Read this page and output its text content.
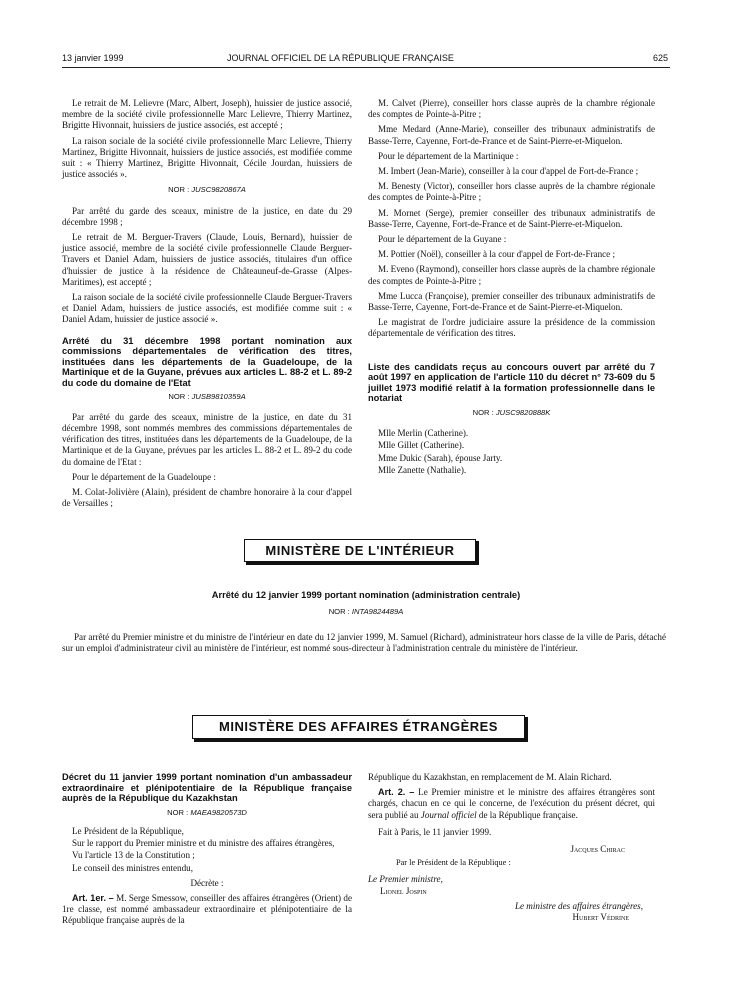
13 janvier 1999	JOURNAL OFFICIEL DE LA RÉPUBLIQUE FRANÇAISE	625

Le retrait de M. Lelievre (Marc, Albert, Joseph), huissier de justice associé, membre de la société civile professionnelle Marc Lelievre, Thierry Martinez, Brigitte Hivonnait, huissiers de justice associés, est accepté ;

La raison sociale de la société civile professionnelle Marc Lelievre, Thierry Martinez, Brigitte Hivonnait, huissiers de justice associés, est modifiée comme suit : « Thierry Martinez, Brigitte Hivonnait, Cécile Jourdan, huissiers de justice associés ».

NOR : JUSC9820867A

Par arrêté du garde des sceaux, ministre de la justice, en date du 29 décembre 1998 ;

Le retrait de M. Berguer-Travers (Claude, Louis, Bernard), huissier de justice associé, membre de la société civile professionnelle Claude Berguer-Travers et Daniel Adam, huissiers de justice associés, titulaires d'un office d'huissier de justice à la résidence de Châteauneuf-de-Grasse (Alpes-Maritimes), est accepté ;

La raison sociale de la société civile professionnelle Claude Berguer-Travers et Daniel Adam, huissiers de justice associés, est modifiée comme suit : « Daniel Adam, huissier de justice associé ».

Arrêté du 31 décembre 1998 portant nomination aux commissions départementales de vérification des titres, instituées dans les départements de la Guadeloupe, de la Martinique et de la Guyane, prévues aux articles L. 88-2 et L. 89-2 du code du domaine de l'Etat
NOR : JUSB9810359A

Par arrêté du garde des sceaux, ministre de la justice, en date du 31 décembre 1998, sont nommés membres des commissions départementales de vérification des titres, instituées dans les départements de la Guadeloupe, de la Martinique et de la Guyane, prévues par les articles L. 88-2 et L. 89-2 du code du domaine de l'Etat :

Pour le département de la Guadeloupe :

M. Colat-Jolivière (Alain), président de chambre honoraire à la cour d'appel de Versailles ;

M. Calvet (Pierre), conseiller hors classe auprès de la chambre régionale des comptes de Pointe-à-Pitre ;

Mme Medard (Anne-Marie), conseiller des tribunaux administratifs de Basse-Terre, Cayenne, Fort-de-France et de Saint-Pierre-et-Miquelon.

Pour le département de la Martinique :

M. Imbert (Jean-Marie), conseiller à la cour d'appel de Fort-de-France ;

M. Benesty (Victor), conseiller hors classe auprès de la chambre régionale des comptes de Pointe-à-Pitre ;

M. Mornet (Serge), premier conseiller des tribunaux administratifs de Basse-Terre, Cayenne, Fort-de-France et de Saint-Pierre-et-Miquelon.

Pour le département de la Guyane :

M. Pottier (Noël), conseiller à la cour d'appel de Fort-de-France ;

M. Eveno (Raymond), conseiller hors classe auprès de la chambre régionale des comptes de Pointe-à-Pitre ;

Mme Lucca (Françoise), premier conseiller des tribunaux administratifs de Basse-Terre, Cayenne, Fort-de-France et de Saint-Pierre-et-Miquelon.

Le magistrat de l'ordre judiciaire assure la présidence de la commission départementale de vérification des titres.

Liste des candidats reçus au concours ouvert par arrêté du 7 août 1997 en application de l'article 110 du décret n° 73-609 du 5 juillet 1973 modifié relatif à la formation professionnelle dans le notariat
NOR : JUSC9820888K

Mlle Merlin (Catherine).

Mlle Gillet (Catherine).

Mme Dukic (Sarah), épouse Jarty.

Mlle Zanette (Nathalie).

MINISTÈRE DE L'INTÉRIEUR
Arrêté du 12 janvier 1999 portant nomination (administration centrale)
NOR : INTA9824489A
Par arrêté du Premier ministre et du ministre de l'intérieur en date du 12 janvier 1999, M. Samuel (Richard), administrateur hors classe de la ville de Paris, détaché sur un emploi d'administrateur civil au ministère de l'intérieur, est nommé sous-directeur à l'administration centrale du ministère de l'intérieur.
MINISTÈRE DES AFFAIRES ÉTRANGÈRES
Décret du 11 janvier 1999 portant nomination d'un ambassadeur extraordinaire et plénipotentiaire de la République française auprès de la République du Kazakhstan
NOR : MAEA9820573D

Le Président de la République,

Sur le rapport du Premier ministre et du ministre des affaires étrangères,

Vu l'article 13 de la Constitution ;

Le conseil des ministres entendu,

Décrète :

Art. 1er. – M. Serge Smessow, conseiller des affaires étrangères (Orient) de 1re classe, est nommé ambassadeur extraordinaire et plénipotentiaire de la République française auprès de la

République du Kazakhstan, en remplacement de M. Alain Richard.

Art. 2. – Le Premier ministre et le ministre des affaires étrangères sont chargés, chacun en ce qui le concerne, de l'exécution du présent décret, qui sera publié au Journal officiel de la République française.

Fait à Paris, le 11 janvier 1999.

Jacques Chirac
Par le Président de la République :
Le Premier ministre,
Lionel Jospin
Le ministre des affaires étrangères,
Hubert Védrine
